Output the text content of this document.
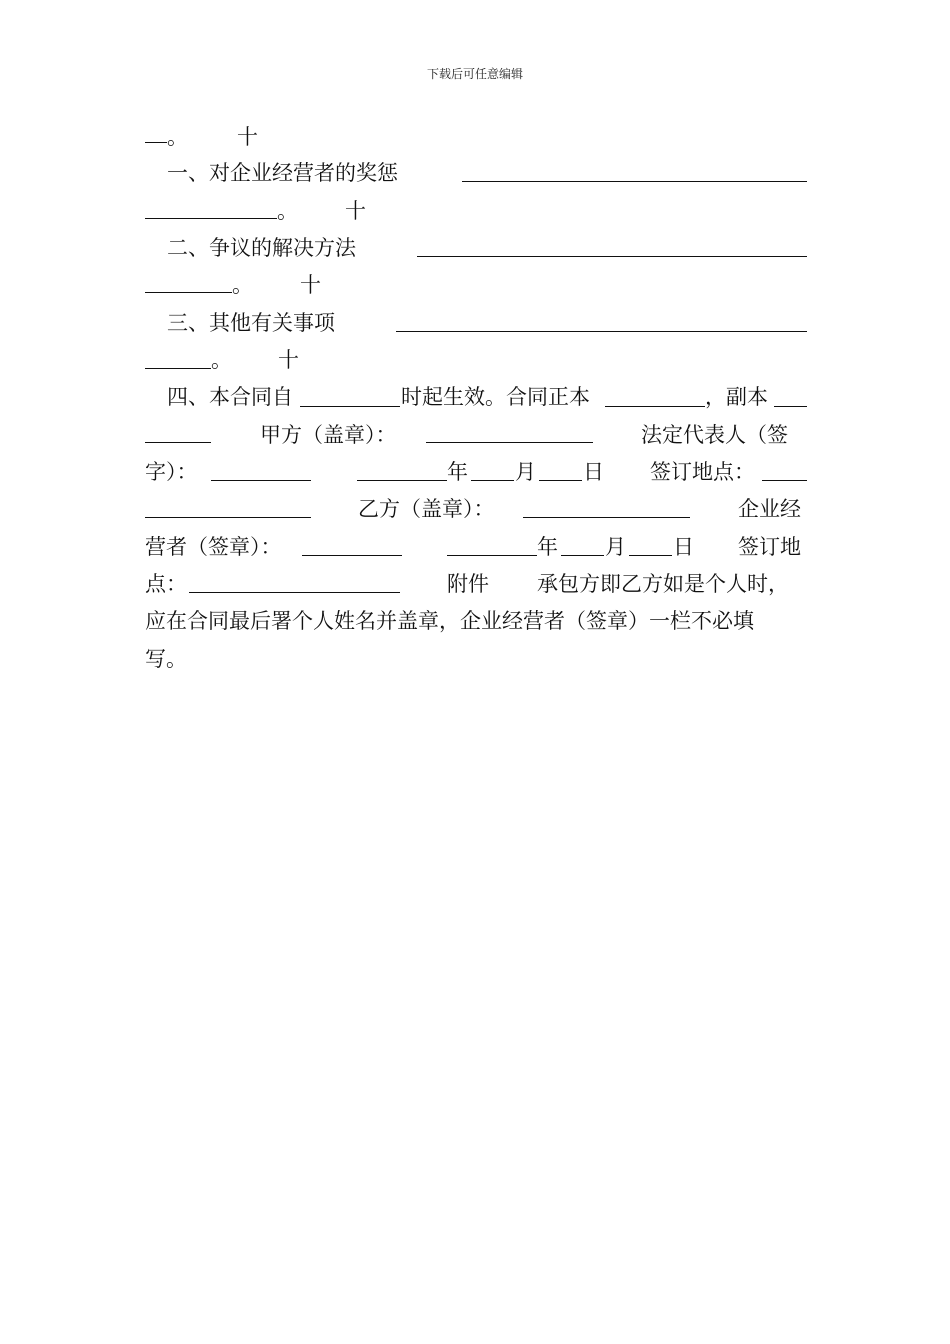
下载后可任意编辑
。 十
一、对企业经营者的奖惩
。 十
二、争议的解决方法
。 十
三、其他有关事项
。 十
四、本合同自	时起生效。合同正本	，副本
甲方（盖章）：	法定代表人（签
字）：	年 月 日 签订地点：
乙方（盖章）：	企业经
营者（签章）：	年 月 日 签订地
点：	附件 承包方即乙方如是个人时，
应在合同最后署个人姓名并盖章，企业经营者（签章）一栏不必填
写。
